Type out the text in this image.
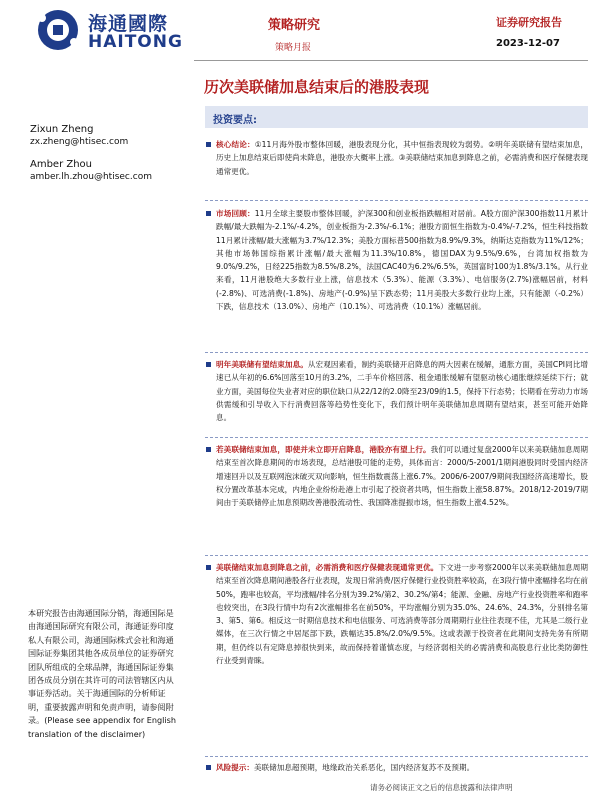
海通國際
HAITONG
策略研究
策略月报
证券研究报告
2023-12-07
历次美联储加息结束后的港股表现
Zixun Zheng
zx.zheng@htisec.com
Amber Zhou
amber.lh.zhou@htisec.com
投资要点:

核心结论：①11月海外股市整体回暖，港股表现分化，其中恒指表现较为弱势。②明年美联储有望结束加息，历史上加息结束后即使尚未降息，港股亦大概率上涨。③美联储结束加息到降息之前，必需消费和医疗保健表现通常更优。

市场回顾：11月全球主要股市整体回暖，沪深300和创业板指跌幅相对居前。A股方面沪深300指数11月累计跌幅/最大跌幅为-2.1%/-4.2%，创业板指为-2.3%/-6.1%；港股方面恒生指数为-0.4%/-7.2%，恒生科技指数11月累计涨幅/最大涨幅为3.7%/12.3%；美股方面标普500指数为8.9%/9.3%，纳斯达克指数为11%/12%；其他市场韩国综指累计涨幅/最大涨幅为11.3%/10.8%，德国DAX为9.5%/9.6%，台湾加权指数为9.0%/9.2%，日经225指数为8.5%/8.2%，法国CAC40为6.2%/6.5%，英国富时100为1.8%/3.1%。从行业来看，11月港股绝大多数行业上涨，信息技术（5.3%）、能源（3.3%）、电信服务(2.7%)涨幅居前，材料(-2.8%)、可选消费(-1.8%)、房地产(-0.9%)呈下跌态势；11月美股大多数行业均上涨，只有能源（-0.2%）下跌，信息技术（13.0%）、房地产（10.1%）、可选消费（10.1%）涨幅居前。

明年美联储有望结束加息。从宏观因素看，制约美联储开启降息的两大因素在缓解，通胀方面，美国CPI同比增速已从年初的6.6%回落至10月的3.2%，二手车价格回落、租金通胀缓解有望驱动核心通胀继续延续下行；就业方面，美国每位失业者对应的职位缺口从22/12的2.0降至23/09的1.5，保持下行态势；长期看在劳动力市场供需缓和引导收入下行消费回落等趋势性变化下，我们预计明年美联储加息周期有望结束，甚至可能开始降息。

若美联储结束加息，即使并未立即开启降息，港股亦有望上行。我们可以通过复盘2000年以来美联储加息周期结束至首次降息期间的市场表现，总结港股可能的走势，具体而言：2000/5-2001/1期间港股同时受国内经济增速回升以及互联网泡沫破灭双向影响，恒生指数震荡上涨6.7%。2006/6-2007/9期间我国经济高速增长，股权分置改革基本完成，内地企业纷纷赴港上市引起了投资者共鸣，恒生指数上涨58.87%。2018/12-2019/7期间由于美联储停止加息预期改善港股流动性、我国降准提振市场，恒生指数上涨4.52%。

美联储结束加息到降息之前，必需消费和医疗保健表现通常更优。下文进一步考察2000年以来美联储加息周期结束至首次降息期间港股各行业表现，发现日常消费/医疗保健行业投资胜率较高，在3段行情中涨幅排名均在前50%，跑率也较高，平均涨幅/排名分别为39.2%/第2、30.2%/第4；能源、金融、房地产行业投资胜率和跑率也较突出，在3段行情中均有2次涨幅排名在前50%，平均涨幅分别为35.0%、24.6%、24.3%，分别排名第3、第5、第6。相反这一时期信息技术和电信服务、可选消费等部分周期期行业往往表现不佳，尤其是二级行业媒体，在三次行情之中居尾部下跌，跌幅达35.8%/2.0%/9.5%。这或表源于投资者在此期间支持先务有所期期，但仍终以有定降息掉很快到来，故而保持着谨慎态度，与经济弱相关的必需消费和高股息行业比类防御性行业受到青睐。

风险提示：美联储加息超预期，地缘政治关系恶化，国内经济复苏不及预期。

本研究报告由海通国际分销，海通国际是由海通国际研究有限公司，海通证券印度私人有限公司，海通国际株式会社和海通国际证券集团其他各成员单位的证券研究团队所组成的全球品牌，海通国际证券集团各成员分别在其许可的司法管辖区内从事证券活动。关于海通国际的分析师证明，重要披露声明和免责声明，请参阅附录。(Please see appendix for English translation of the disclaimer)
请务必阅读正文之后的信息披露和法律声明
